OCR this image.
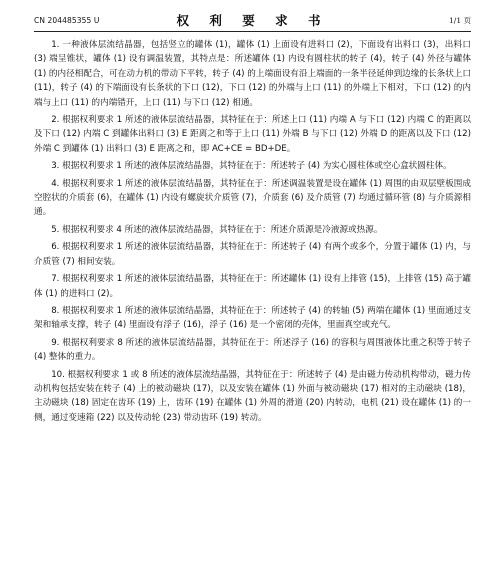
CN 204485355 U	权 利 要 求 书	1/1 页

1. 一种液体层流结晶器，包括竖立的罐体 (1)，罐体 (1) 上面设有进料口 (2)，下面设有出料口 (3)，出料口 (3) 端呈锥状，罐体 (1) 设有调温装置，其特点是：所述罐体 (1) 内设有圆柱状的转子 (4)，转子 (4) 外径与罐体 (1) 的内径相配合，可在动力机的带动下平转，转子 (4) 的上端面设有沿上端面的一条半径延伸到边缘的长条状上口 (11)，转子 (4) 的下端面设有长条状的下口 (12)，下口 (12) 的外端与上口 (11) 的外端上下相对，下口 (12) 的内端与上口 (11) 的内端错开，上口 (11) 与下口 (12) 相通。

2. 根据权利要求 1 所述的液体层流结晶器，其特征在于：所述上口 (11) 内端 A 与下口 (12) 内端 C 的距离以及下口 (12) 内端 C 到罐体出料口 (3) E 距离之和等于上口 (11) 外端 B 与下口 (12) 外端 D 的距离以及下口 (12) 外端 C 到罐体 (1) 出料口 (3) E 距离之和，即 AC+CE = BD+DE。

3. 根据权利要求 1 所述的液体层流结晶器，其特征在于：所述转子 (4) 为实心圆柱体或空心盒状圆柱体。

4. 根据权利要求 1 所述的液体层流结晶器，其特征在于：所述调温装置是设在罐体 (1) 周围的由双层壁板围成空腔状的介质套 (6)，在罐体 (1) 内设有螺旋状介质管 (7)，介质套 (6) 及介质管 (7) 均通过循环管 (8) 与介质源相通。

5. 根据权利要求 4 所述的液体层流结晶器，其特征在于：所述介质源是冷液源或热源。

6. 根据权利要求 1 所述的液体层流结晶器，其特征在于：所述转子 (4) 有两个或多个，分置于罐体 (1) 内，与介质管 (7) 相间安装。

7. 根据权利要求 1 所述的液体层流结晶器，其特征在于：所述罐体 (1) 设有上排管 (15)，上排管 (15) 高于罐体 (1) 的进料口 (2)。

8. 根据权利要求 1 所述的液体层流结晶器，其特征在于：所述转子 (4) 的转轴 (5) 两端在罐体 (1) 里面通过支架和轴承支撑，转子 (4) 里面设有浮子 (16)，浮子 (16) 是一个密闭的壳体，里面真空或充气。

9. 根据权利要求 8 所述的液体层流结晶器，其特征在于：所述浮子 (16) 的容积与周围液体比重之积等于转子 (4) 整体的重力。

10. 根据权利要求 1 或 8 所述的液体层流结晶器，其特征在于：所述转子 (4) 是由磁力传动机构带动，磁力传动机构包括安装在转子 (4) 上的被动磁块 (17)，以及安装在罐体 (1) 外面与被动磁块 (17) 相对的主动磁块 (18)，主动磁块 (18) 固定在齿环 (19) 上，齿环 (19) 在罐体 (1) 外周的滑道 (20) 内转动，电机 (21) 设在罐体 (1) 的一侧，通过变速箱 (22) 以及传动轮 (23) 带动齿环 (19) 转动。
